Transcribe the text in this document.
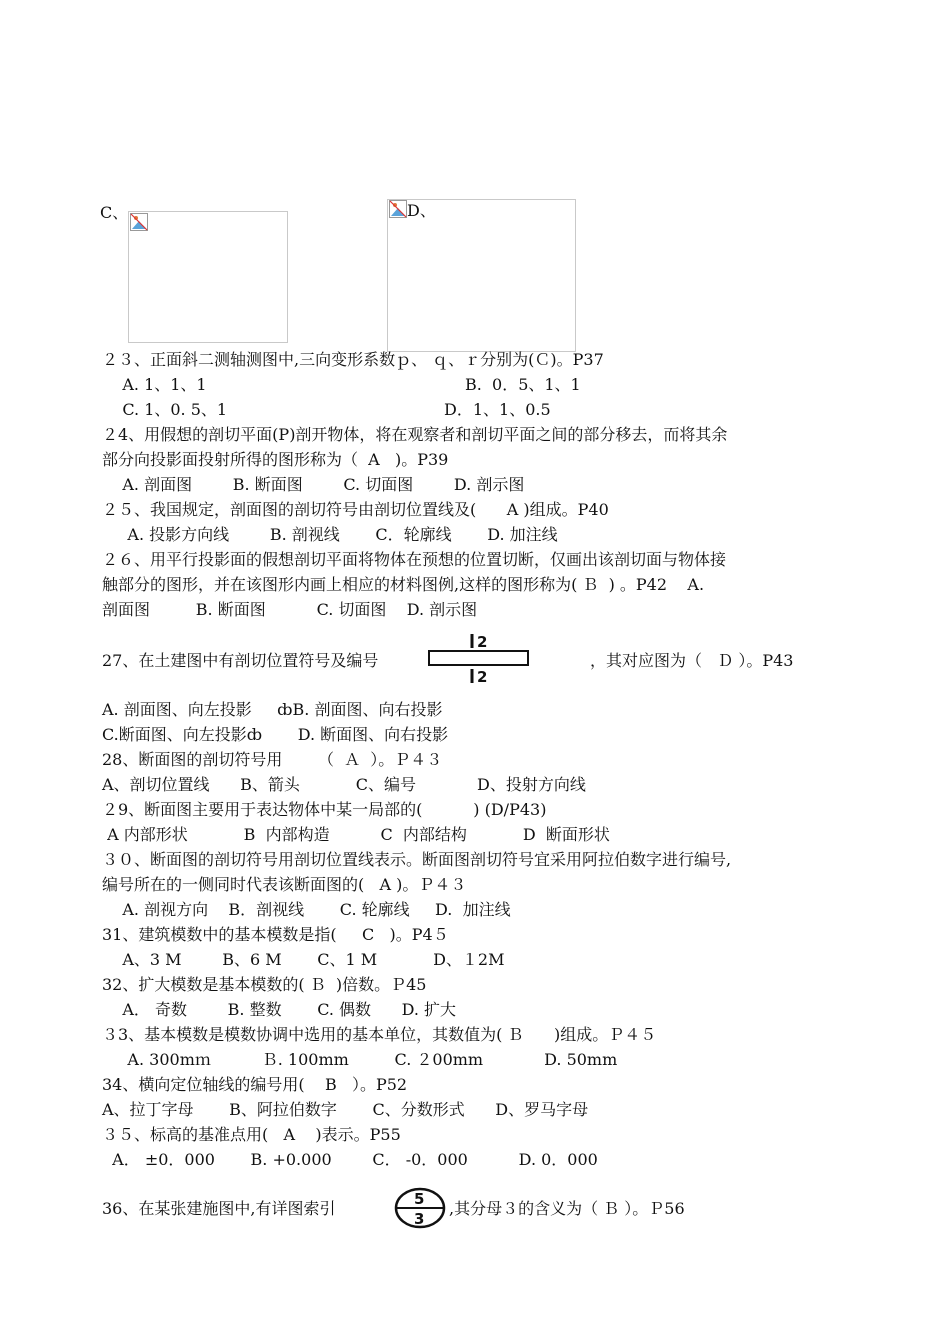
C、	D、
２３、正面斜二测轴测图中,三向变形系数ｐ、 ｑ、ｒ分别为(Ｃ)。P37
A. 1、1、1	B.  0．5、1、1
C. 1、0. 5、1	D．1、1、0.5
２4、用假想的剖切平面(P)剖开物体，将在观察者和剖切平面之间的部分移去，而将其余
部分向投影面投射所得的图形称为（  A   )。P39
A. 剖面图        B. 断面图        C. 切面图        D. 剖示图
２５、我国规定，剖面图的剖切符号由剖切位置线及(      A )组成。P40
A. 投影方向线        B. 剖视线       C．轮廓线       D. 加注线
２６、用平行投影面的假想剖切平面将物体在预想的位置切断，仅画出该剖切面与物体接
触部分的图形，并在该图形内画上相应的材料图例,这样的图形称为( Ｂ  ) 。P42    A.
剖面图         B. 断面图          C. 切面图    D. 剖示图
27、在土建图中有剖切位置符号及编号
2
2
，其对应图为（   Ｄ ）。P43
A. 剖面图、向左投影     ȸB. 剖面图、向右投影
C.断面图、向左投影ȸ       D. 断面图、向右投影
28、断面图的剖切符号用       （  Ａ  ）。Ｐ４３
A、剖切位置线      B、箭头           C、编号            D、投射方向线
２9、断面图主要用于表达物体中某一局部的(          ) (D/P43)
A 内部形状           B  内部构造          C  内部结构           D  断面形状
３０、断面图的剖切符号用剖切位置线表示。断面图剖切符号宜采用阿拉伯数字进行编号,
编号所在的一侧同时代表该断面图的(   A )。Ｐ４３
A. 剖视方向    B．剖视线       C. 轮廓线     D.  加注线
31、建筑模数中的基本模数是指(     C   )。P4５
A、3 M        B、6 M       C、1 M           D、１2M
32、扩大模数是基本模数的( Ｂ  )倍数。Ｐ45
A． 奇数        B. 整数       C. 偶数      D. 扩大
３3、基本模数是模数协调中选用的基本单位，其数值为( Ｂ      )组成。Ｐ４５
A. 300mｍ          Ｂ. 100mm         C. ２00mm            D. 50mm
34、横向定位轴线的编号用(    B   ）。P52
A、拉丁字母       B、阿拉伯数字       C、分数形式      D、罗马字母
３５、标高的基准点用(   A    )表示。P55
A． ±0．000       B. +0.000        C． -0．000          D. 0．000
36、在某张建施图中,有详图索引	5
3
,其分母３的含义为（ Ｂ ）。Ｐ56
